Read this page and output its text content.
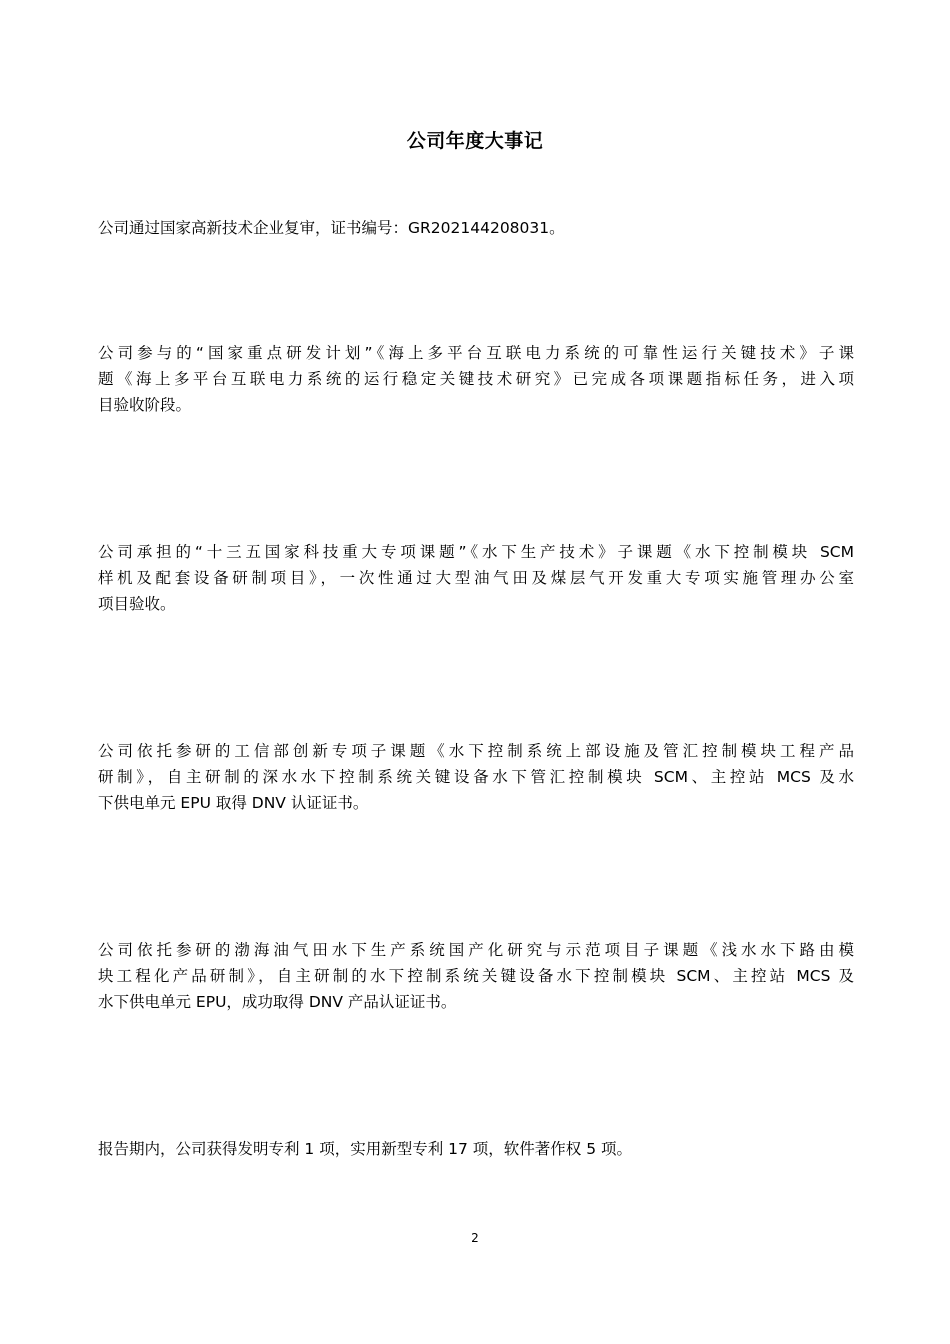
公司年度大事记
公司通过国家高新技术企业复审，证书编号：GR202144208031。
公司参与的“国家重点研发计划”《海上多平台互联电力系统的可靠性运行关键技术》子课
题《海上多平台互联电力系统的运行稳定关键技术研究》已完成各项课题指标任务，进入项
目验收阶段。
公司承担的“十三五国家科技重大专项课题”《水下生产技术》子课题《水下控制模块 SCM
样机及配套设备研制项目》，一次性通过大型油气田及煤层气开发重大专项实施管理办公室
项目验收。
公司依托参研的工信部创新专项子课题《水下控制系统上部设施及管汇控制模块工程产品
研制》，自主研制的深水水下控制系统关键设备水下管汇控制模块 SCM、主控站 MCS 及水
下供电单元 EPU 取得 DNV 认证证书。
公司依托参研的渤海油气田水下生产系统国产化研究与示范项目子课题《浅水水下路由模
块工程化产品研制》，自主研制的水下控制系统关键设备水下控制模块 SCM、主控站 MCS 及
水下供电单元 EPU，成功取得 DNV 产品认证证书。
报告期内，公司获得发明专利 1 项，实用新型专利 17 项，软件著作权 5 项。
2
